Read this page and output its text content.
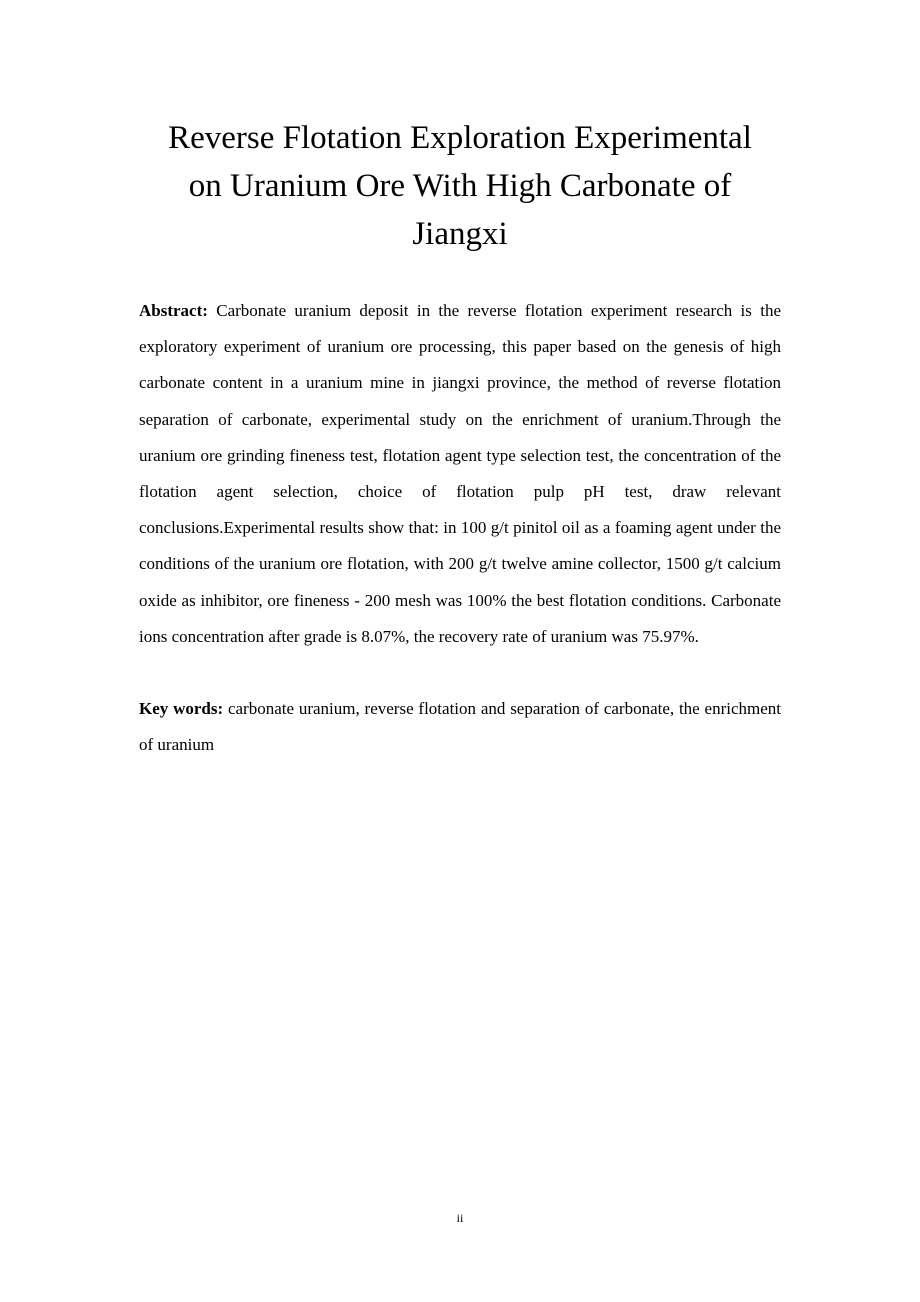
Reverse Flotation Exploration Experimental
on Uranium Ore With High Carbonate of
Jiangxi

Abstract: Carbonate uranium deposit in the reverse flotation experiment research is the exploratory experiment of uranium ore processing, this paper based on the genesis of high carbonate content in a uranium mine in jiangxi province, the method of reverse flotation separation of carbonate, experimental study on the enrichment of uranium.Through the uranium ore grinding fineness test, flotation agent type selection test, the concentration of the flotation agent selection, choice of flotation pulp pH test, draw relevant conclusions.Experimental results show that: in 100 g/t pinitol oil as a foaming agent under the conditions of the uranium ore flotation, with 200 g/t twelve amine collector, 1500 g/t calcium oxide as inhibitor, ore fineness - 200 mesh was 100% the best flotation conditions. Carbonate ions concentration after grade is 8.07%, the recovery rate of uranium was 75.97%.

Key words: carbonate uranium, reverse flotation and separation of carbonate, the enrichment of uranium

ii
